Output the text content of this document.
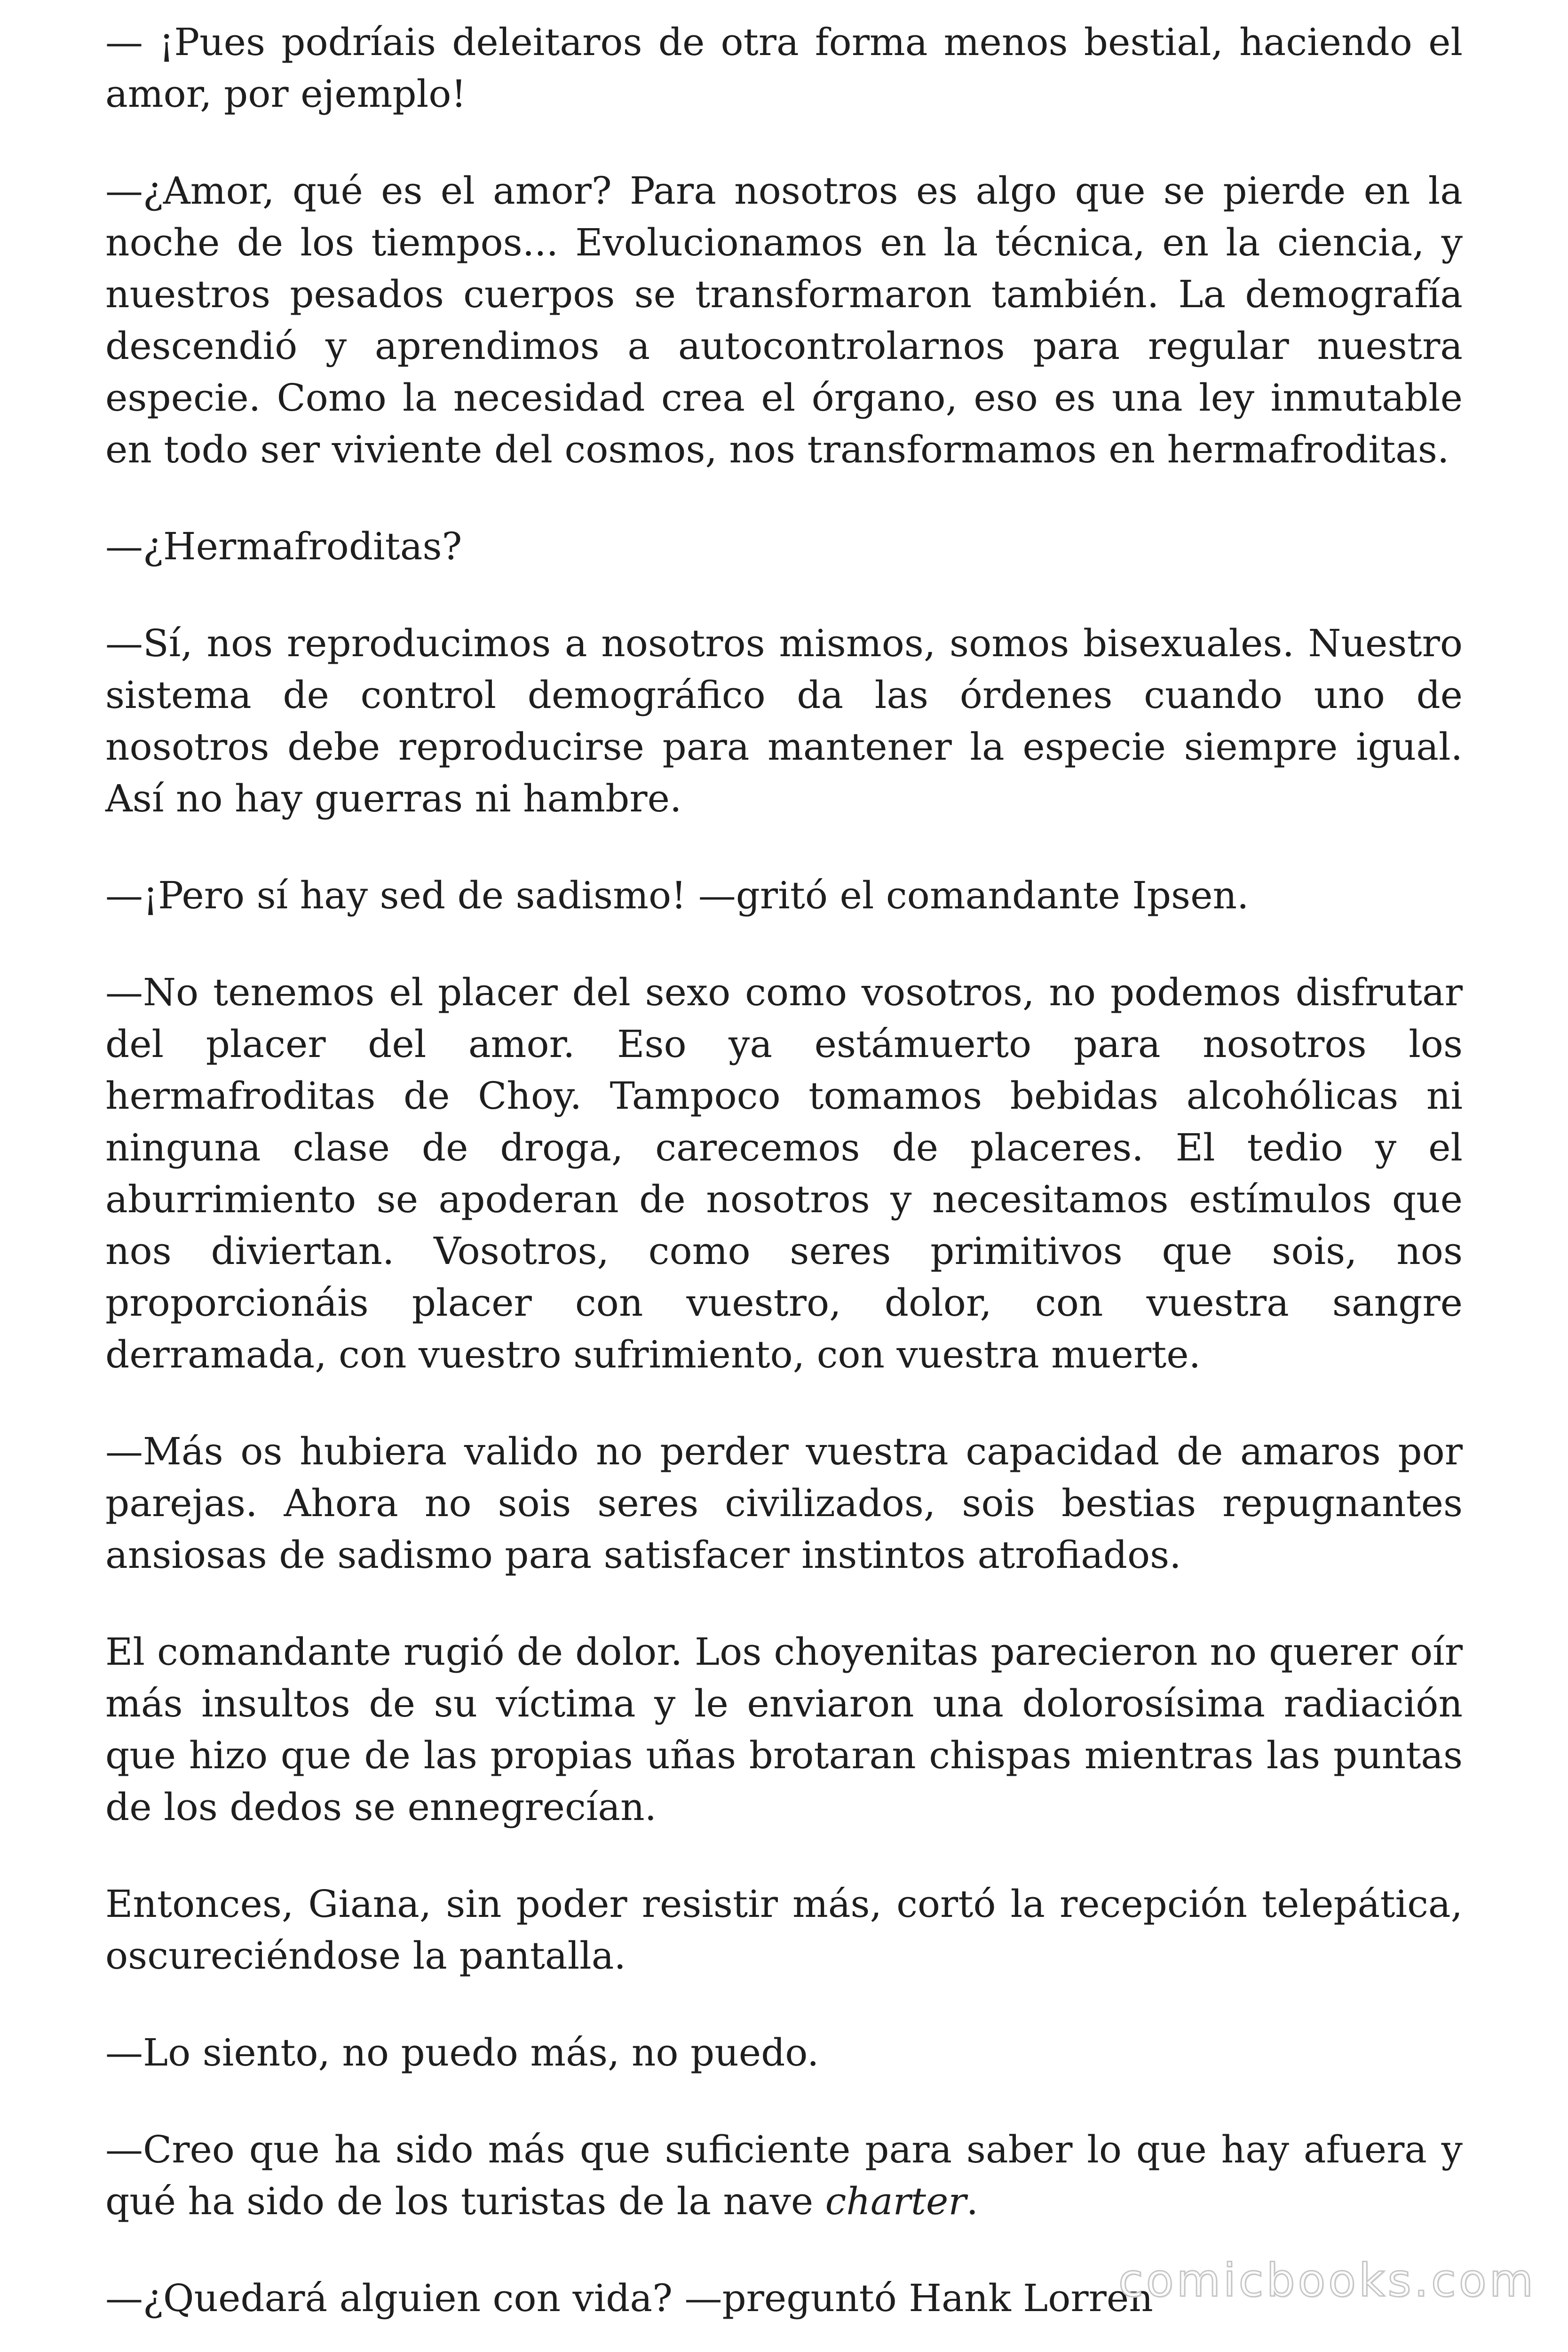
— ¡Pues podríais deleitaros de otra forma menos bestial, haciendo el amor, por ejemplo!

—¿Amor, qué es el amor? Para nosotros es algo que se pierde en la noche de los tiempos... Evolucionamos en la técnica, en la ciencia, y nuestros pesados cuerpos se transformaron también. La demografía descendió y aprendimos a autocontrolarnos para regular nuestra especie. Como la necesidad crea el órgano, eso es una ley inmutable en todo ser viviente del cosmos, nos transformamos en hermafroditas.

—¿Hermafroditas?

—Sí, nos reproducimos a nosotros mismos, somos bisexuales. Nuestro sistema de control demográfico da las órdenes cuando uno de nosotros debe reproducirse para mantener la especie siempre igual. Así no hay guerras ni hambre.

—¡Pero sí hay sed de sadismo! —gritó el comandante Ipsen.

—No tenemos el placer del sexo como vosotros, no podemos disfrutar del placer del amor. Eso ya estámuerto para nosotros los hermafroditas de Choy. Tampoco tomamos bebidas alcohólicas ni ninguna clase de droga, carecemos de placeres. El tedio y el aburrimiento se apoderan de nosotros y necesitamos estímulos que nos diviertan. Vosotros, como seres primitivos que sois, nos proporcionáis placer con vuestro, dolor, con vuestra sangre derramada, con vuestro sufrimiento, con vuestra muerte.

—Más os hubiera valido no perder vuestra capacidad de amaros por parejas. Ahora no sois seres civilizados, sois bestias repugnantes ansiosas de sadismo para satisfacer instintos atrofiados.

El comandante rugió de dolor. Los choyenitas parecieron no querer oír más insultos de su víctima y le enviaron una dolorosísima radiación que hizo que de las propias uñas brotaran chispas mientras las puntas de los dedos se ennegrecían.

Entonces, Giana, sin poder resistir más, cortó la recepción telepática, oscureciéndose la pantalla.

—Lo siento, no puedo más, no puedo.

—Creo que ha sido más que suficiente para saber lo que hay afuera y qué ha sido de los turistas de la nave charter.

—¿Quedará alguien con vida? —preguntó Hank Lorren

comicbooks.com
